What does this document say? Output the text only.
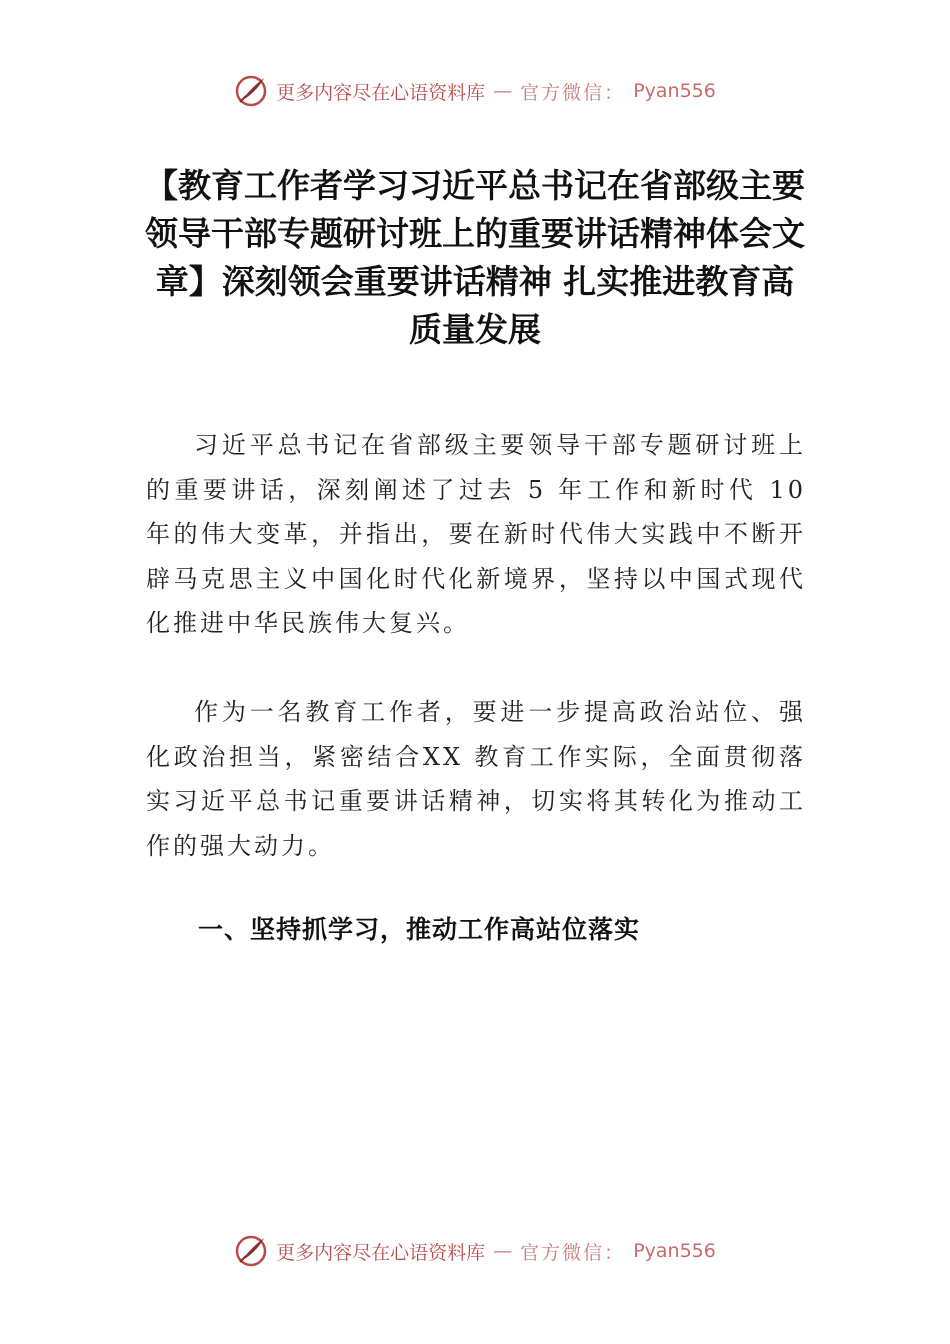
更多内容尽在心语资料库 — 官方微信： Pyan556
【教育工作者学习习近平总书记在省部级主要领导干部专题研讨班上的重要讲话精神体会文章】深刻领会重要讲话精神 扎实推进教育高质量发展

习近平总书记在省部级主要领导干部专题研讨班上的重要讲话，深刻阐述了过去 5 年工作和新时代 10 年的伟大变革，并指出，要在新时代伟大实践中不断开辟马克思主义中国化时代化新境界，坚持以中国式现代化推进中华民族伟大复兴。

作为一名教育工作者，要进一步提高政治站位、强化政治担当，紧密结合XX 教育工作实际，全面贯彻落实习近平总书记重要讲话精神，切实将其转化为推动工作的强大动力。

一、坚持抓学习，推动工作高站位落实
更多内容尽在心语资料库 — 官方微信： Pyan556
